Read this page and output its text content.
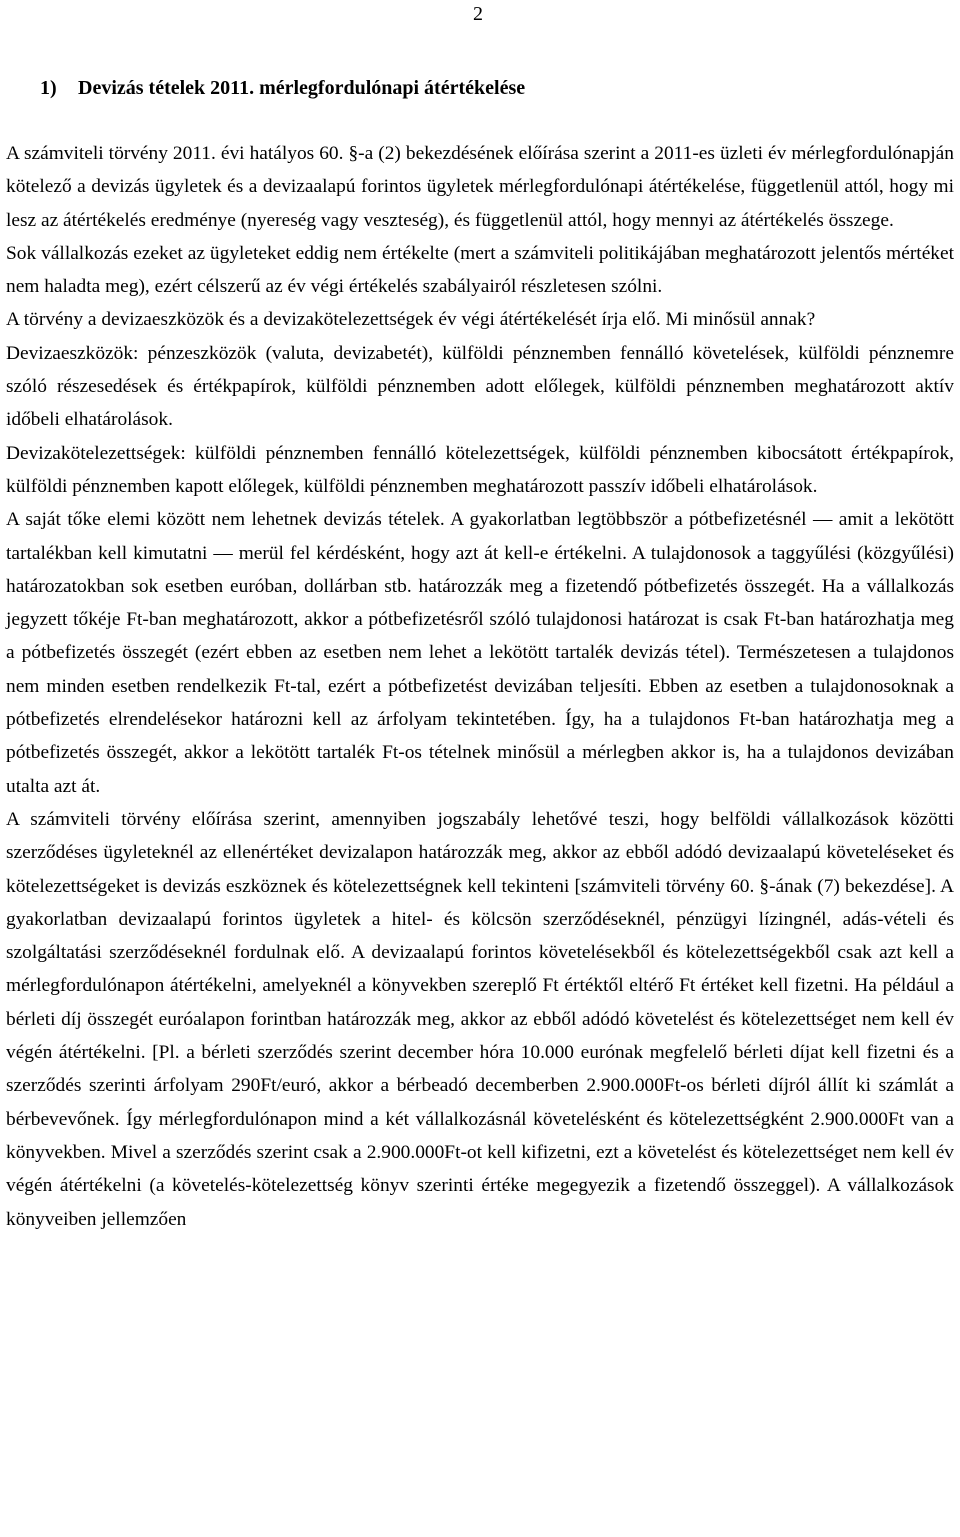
2
1) Devizás tételek 2011. mérlegfordulónapi átértékelése

A számviteli törvény 2011. évi hatályos 60. §-a (2) bekezdésének előírása szerint a 2011-es üzleti év mérlegfordulónapján kötelező a devizás ügyletek és a devizaalapú forintos ügyletek mérlegfordulónapi átértékelése, függetlenül attól, hogy mi lesz az átértékelés eredménye (nyereség vagy veszteség), és függetlenül attól, hogy mennyi az átértékelés összege.

Sok vállalkozás ezeket az ügyleteket eddig nem értékelte (mert a számviteli politikájában meghatározott jelentős mértéket nem haladta meg), ezért célszerű az év végi értékelés szabályairól részletesen szólni.

A törvény a devizaeszközök és a devizakötelezettségek év végi átértékelését írja elő. Mi minősül annak?

Devizaeszközök: pénzeszközök (valuta, devizabetét), külföldi pénznemben fennálló követelések, külföldi pénznemre szóló részesedések és értékpapírok, külföldi pénznemben adott előlegek, külföldi pénznemben meghatározott aktív időbeli elhatárolások.

Devizakötelezettségek: külföldi pénznemben fennálló kötelezettségek, külföldi pénznemben kibocsátott értékpapírok, külföldi pénznemben kapott előlegek, külföldi pénznemben meghatározott passzív időbeli elhatárolások.

A saját tőke elemi között nem lehetnek devizás tételek. A gyakorlatban legtöbbször a pótbefizetésnél — amit a lekötött tartalékban kell kimutatni — merül fel kérdésként, hogy azt át kell-e értékelni. A tulajdonosok a taggyűlési (közgyűlési) határozatokban sok esetben euróban, dollárban stb. határozzák meg a fizetendő pótbefizetés összegét. Ha a vállalkozás jegyzett tőkéje Ft-ban meghatározott, akkor a pótbefizetésről szóló tulajdonosi határozat is csak Ft-ban határozhatja meg a pótbefizetés összegét (ezért ebben az esetben nem lehet a lekötött tartalék devizás tétel). Természetesen a tulajdonos nem minden esetben rendelkezik Ft-tal, ezért a pótbefizetést devizában teljesíti. Ebben az esetben a tulajdonosoknak a pótbefizetés elrendelésekor határozni kell az árfolyam tekintetében. Így, ha a tulajdonos Ft-ban határozhatja meg a pótbefizetés összegét, akkor a lekötött tartalék Ft-os tételnek minősül a mérlegben akkor is, ha a tulajdonos devizában utalta azt át.

A számviteli törvény előírása szerint, amennyiben jogszabály lehetővé teszi, hogy belföldi vállalkozások közötti szerződéses ügyleteknél az ellenértéket devizalapon határozzák meg, akkor az ebből adódó devizaalapú követeléseket és kötelezettségeket is devizás eszköznek és kötelezettségnek kell tekinteni [számviteli törvény 60. §-ának (7) bekezdése]. A gyakorlatban devizaalapú forintos ügyletek a hitel- és kölcsön szerződéseknél, pénzügyi lízingnél, adás-vételi és szolgáltatási szerződéseknél fordulnak elő. A devizaalapú forintos követelésekből és kötelezettségekből csak azt kell a mérlegfordulónapon átértékelni, amelyeknél a könyvekben szereplő Ft értéktől eltérő Ft értéket kell fizetni. Ha például a bérleti díj összegét euróalapon forintban határozzák meg, akkor az ebből adódó követelést és kötelezettséget nem kell év végén átértékelni. [Pl. a bérleti szerződés szerint december hóra 10.000 eurónak megfelelő bérleti díjat kell fizetni és a szerződés szerinti árfolyam 290Ft/euró, akkor a bérbeadó decemberben 2.900.000Ft-os bérleti díjról állít ki számlát a bérbevevőnek. Így mérlegfordulónapon mind a két vállalkozásnál követelésként és kötelezettségként 2.900.000Ft van a könyvekben. Mivel a szerződés szerint csak a 2.900.000Ft-ot kell kifizetni, ezt a követelést és kötelezettséget nem kell év végén átértékelni (a követelés-kötelezettség könyv szerinti értéke megegyezik a fizetendő összeggel). A vállalkozások könyveiben jellemzően
